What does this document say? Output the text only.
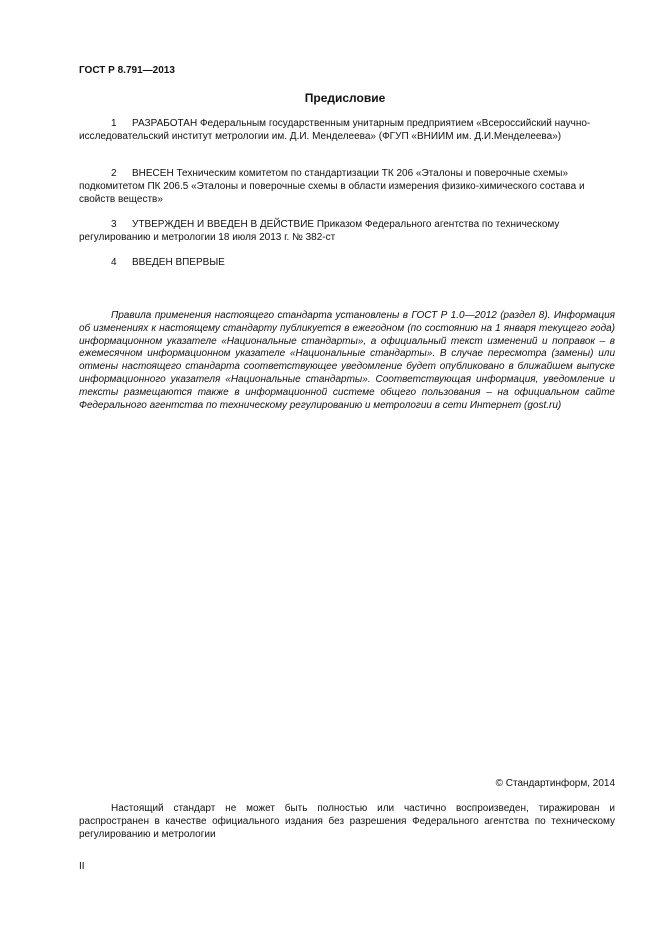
ГОСТ Р 8.791—2013
Предисловие
1 РАЗРАБОТАН Федеральным государственным унитарным предприятием «Всероссийский научно-исследовательский институт метрологии им. Д.И. Менделеева» (ФГУП «ВНИИМ им. Д.И.Менделеева»)
2 ВНЕСЕН Техническим комитетом по стандартизации ТК 206 «Эталоны и поверочные схемы» подкомитетом ПК 206.5 «Эталоны и поверочные схемы в области измерения физико-химического состава и свойств веществ»
3 УТВЕРЖДЕН И ВВЕДЕН В ДЕЙСТВИЕ Приказом Федерального агентства по техническому регулированию и метрологии 18 июля 2013 г. № 382-ст
4 ВВЕДЕН ВПЕРВЫЕ
Правила применения настоящего стандарта установлены в ГОСТ Р 1.0—2012 (раздел 8). Информация об изменениях к настоящему стандарту публикуется в ежегодном (по состоянию на 1 января текущего года) информационном указателе «Национальные стандарты», а официальный текст изменений и поправок – в ежемесячном информационном указателе «Национальные стандарты». В случае пересмотра (замены) или отмены настоящего стандарта соответствующее уведомление будет опубликовано в ближайшем выпуске информационного указателя «Национальные стандарты». Соответствующая информация, уведомление и тексты размещаются также в информационной системе общего пользования – на официальном сайте Федерального агентства по техническому регулированию и метрологии в сети Интернет (gost.ru)
© Стандартинформ, 2014
Настоящий стандарт не может быть полностью или частично воспроизведен, тиражирован и распространен в качестве официального издания без разрешения Федерального агентства по техническому регулированию и метрологии
II
